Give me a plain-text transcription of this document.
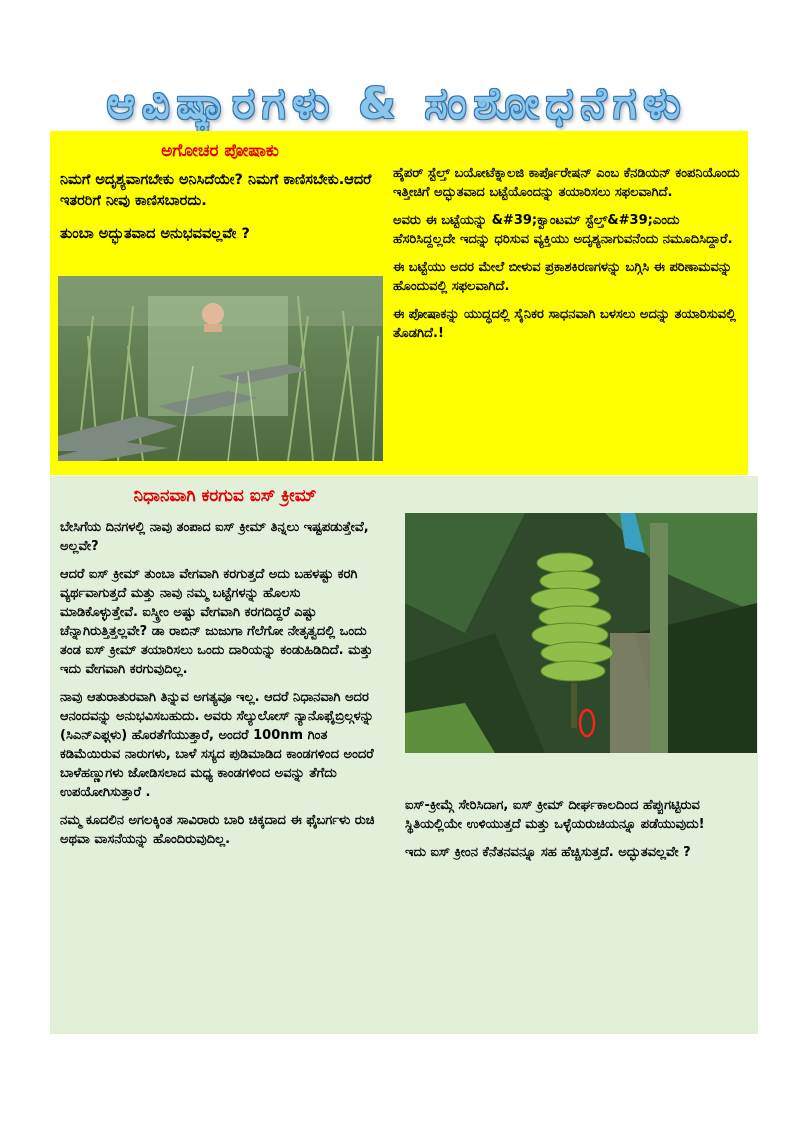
ಆವಿಷ್ಕಾರಗಳು & ಸಂಶೋಧನೆಗಳು
ಅಗೋಚರ ಪೋಷಾಕು

ನಿಮಗೆ ಅದೃಶ್ಯವಾಗಬೇಕು ಅನಿಸಿದೆಯೇ? ನಿಮಗೆ ಕಾಣಿಸಬೇಕು.ಆದರೆ ಇತರರಿಗೆ ನೀವು ಕಾಣಿಸಬಾರದು.

ತುಂಬಾ ಅದ್ಭುತವಾದ ಅನುಭವವಲ್ಲವೇ ?

ಹೈಪರ್ ಸ್ಟೆಲ್ತ್ ಬಯೋಟೆಕ್ನಾಲಜಿ ಕಾರ್ಪೊರೇಷನ್ ಎಂಬ ಕೆನಡಿಯನ್ ಕಂಪನಿಯೊಂದು ಇತ್ತೀಚಿಗೆ ಅದ್ಭುತವಾದ ಬಟ್ಟೆಯೊಂದನ್ನು ತಯಾರಿಸಲು ಸಫಲವಾಗಿದೆ.

ಅವರು ಈ ಬಟ್ಟೆಯನ್ನು &#39;ಕ್ವಾಂಟಮ್ ಸ್ಟೆಲ್ತ್&#39;ಎಂದು ಹೆಸರಿಸಿದ್ದಲ್ಲದೇ ಇದನ್ನು ಧರಿಸುವ ವ್ಯಕ್ತಿಯು ಅದೃಶ್ಯನಾಗುವನೆಂದು ನಮೂದಿಸಿದ್ದಾರೆ.

ಈ ಬಟ್ಟೆಯು ಅದರ ಮೇಲೆ ಬೀಳುವ ಪ್ರಕಾಶಕಿರಣಗಳನ್ನು ಬಗ್ಗಿಸಿ ಈ ಪರಿಣಾಮವನ್ನು ಹೊಂದುವಲ್ಲಿ ಸಫಲವಾಗಿದೆ.

ಈ ಪೋಷಾಕನ್ನು ಯುದ್ಧದಲ್ಲಿ ಸೈನಿಕರ ಸಾಧನವಾಗಿ ಬಳಸಲು ಅದನ್ನು ತಯಾರಿಸುವಲ್ಲಿ ತೊಡಗಿದೆ.!

ನಿಧಾನವಾಗಿ ಕರಗುವ ಐಸ್ ಕ್ರೀಮ್

ಬೇಸಿಗೆಯ ದಿನಗಳಲ್ಲಿ ನಾವು ತಂಪಾದ ಐಸ್ ಕ್ರೀಮ್ ತಿನ್ನಲು ಇಷ್ಟಪಡುತ್ತೇವೆ, ಅಲ್ಲವೇ?

ಆದರೆ ಐಸ್ ಕ್ರೀಮ್ ತುಂಬಾ ವೇಗವಾಗಿ ಕರಗುತ್ತದೆ ಅದು ಬಹಳಷ್ಟು ಕರಗಿ ವ್ಯರ್ಥವಾಗುತ್ತದೆ ಮತ್ತು ನಾವು ನಮ್ಮ ಬಟ್ಟೆಗಳನ್ನು ಹೊಲಸು ಮಾಡಿಕೊಳ್ಳುತ್ತೇವೆ. ಐಸ್ಕ್ರೀಂ ಅಷ್ಟು ವೇಗವಾಗಿ ಕರಗದಿದ್ದರೆ ಎಷ್ಟು ಚೆನ್ನಾಗಿರುತ್ತಿತ್ತಲ್ಲವೇ? ಡಾ ರಾಬಿನ್ ಜುಜುಗಾ ಗೆಲೆಗೋ ನೇತೃತ್ವದಲ್ಲಿ ಒಂದು ತಂಡ ಐಸ್ ಕ್ರೀಮ್ ತಯಾರಿಸಲು ಒಂದು ದಾರಿಯನ್ನು ಕಂಡುಹಿಡಿದಿದೆ. ಮತ್ತು ಇದು ವೇಗವಾಗಿ ಕರಗುವುದಿಲ್ಲ.

ನಾವು ಆತುರಾತುರವಾಗಿ ತಿನ್ನುವ ಅಗತ್ಯವೂ ಇಲ್ಲ. ಆದರೆ ನಿಧಾನವಾಗಿ ಅದರ ಆನಂದವನ್ನು ಅನುಭವಿಸಬಹುದು. ಅವರು ಸೆಲ್ಯುಲೋಸ್ ನ್ಯಾನೊಫೈಬ್ರಿಲ್ಗಳನ್ನು (ಸಿಎನ್ಎಫ್ಗಳು) ಹೊರತೆಗೆಯುತ್ತಾರೆ, ಅಂದರೆ 100nm ಗಿಂತ ಕಡಿಮೆಯಿರುವ ನಾರುಗಳು, ಬಾಳೆ ಸಸ್ಯದ ಪುಡಿಮಾಡಿದ ಕಾಂಡಗಳಿಂದ ಅಂದರೆ ಬಾಳೆಹಣ್ಣುಗಳು ಜೋಡಿಸಲಾದ ಮಧ್ಯ ಕಾಂಡಗಳಿಂದ ಅವನ್ನು ತೆಗೆದು ಉಪಯೋಗಿಸುತ್ತಾರೆ .

ನಮ್ಮ ಕೂದಲಿನ ಅಗಲಕ್ಕಿಂತ ಸಾವಿರಾರು ಬಾರಿ ಚಿಕ್ಕದಾದ ಈ ಫೈಬರ್ಗಳು ರುಚಿ ಅಥವಾ ವಾಸನೆಯನ್ನು ಹೊಂದಿರುವುದಿಲ್ಲ.

ಐಸ್-ಕ್ರೀಮ್ಗೆ ಸೇರಿಸಿದಾಗ, ಐಸ್ ಕ್ರೀಮ್ ದೀರ್ಘಕಾಲದಿಂದ ಹೆಪ್ಪುಗಟ್ಟಿರುವ ಸ್ಥಿತಿಯಲ್ಲಿಯೇ ಉಳಿಯುತ್ತದೆ ಮತ್ತು ಒಳ್ಳೆಯರುಚಿಯನ್ನೂ ಪಡೆಯುವುದು!

ಇದು ಐಸ್ ಕ್ರೀಂನ ಕೆನೆತನವನ್ನೂ ಸಹ ಹೆಚ್ಚಿಸುತ್ತದೆ. ಅದ್ಭುತವಲ್ಲವೇ ?
